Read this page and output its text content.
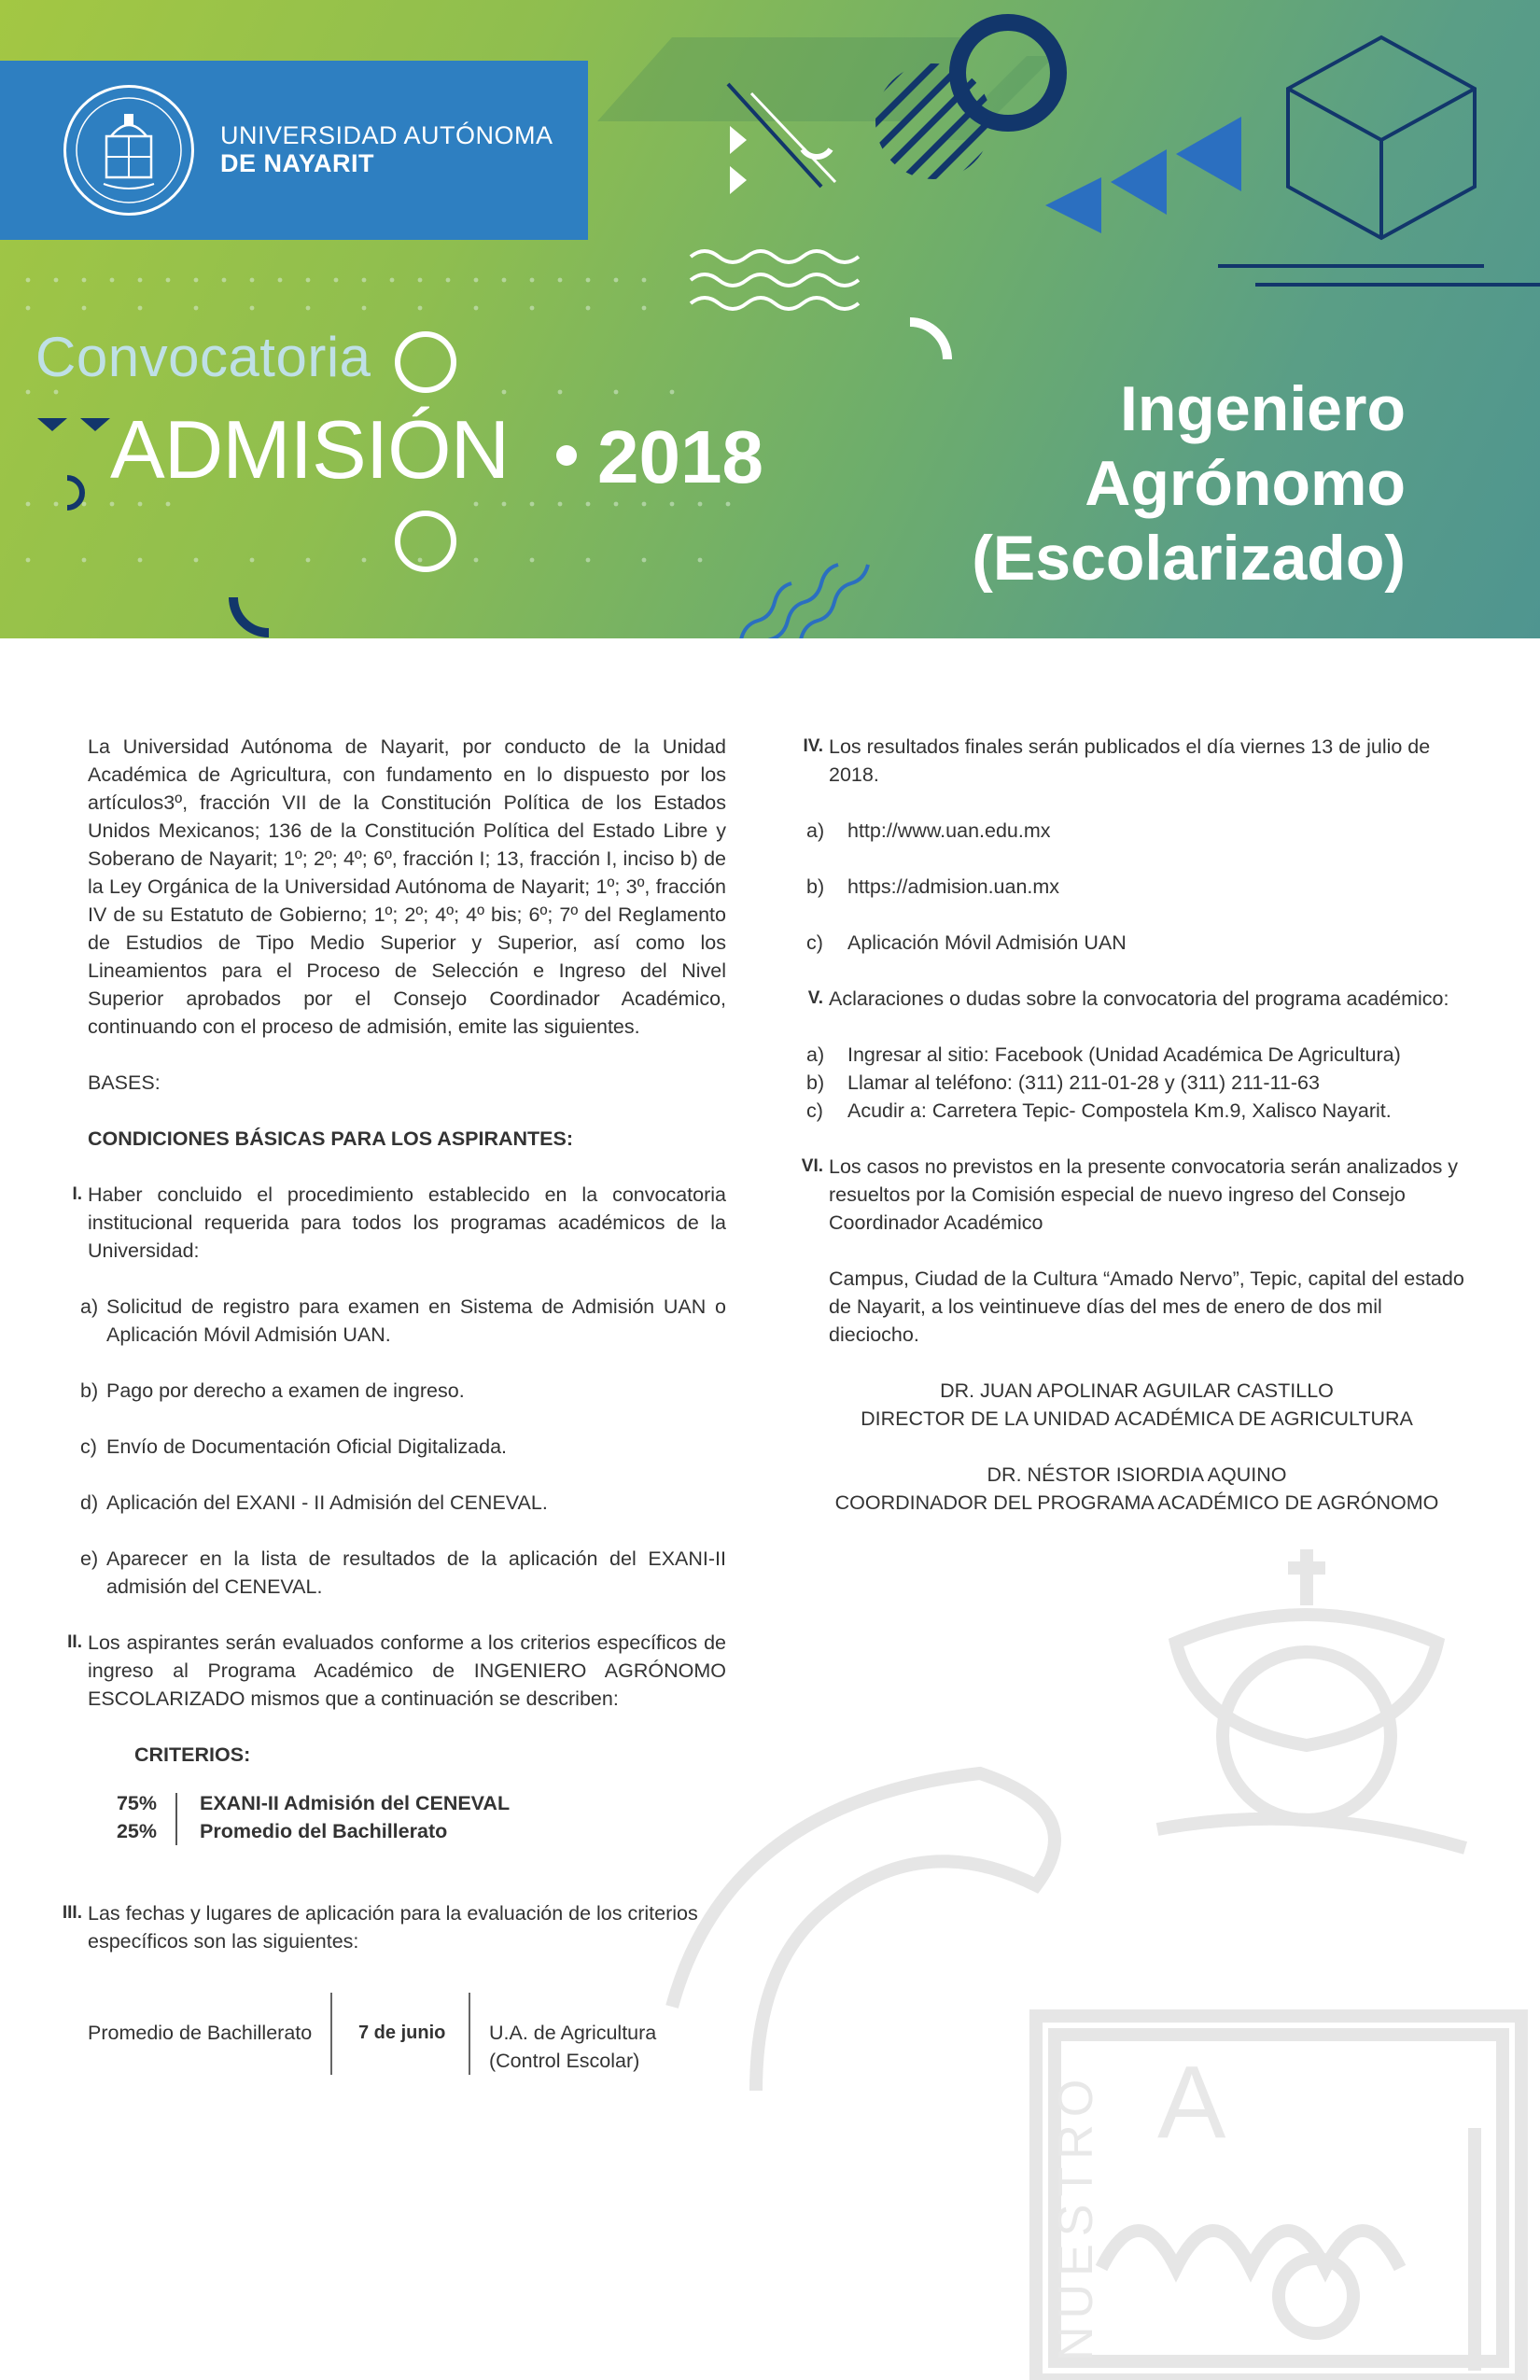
UNIVERSIDAD AUTÓNOMA
DE NAYARIT
Convocatoria
ADMISIÓN 2018
Ingeniero
Agrónomo
(Escolarizado)
A
NUESTRO

La Universidad Autónoma de Nayarit, por conducto de la Unidad Académica de Agricultura, con fundamento en lo dispuesto por los artículos3º, fracción VII de la Constitución Política de los Estados Unidos Mexicanos; 136 de la Constitución Política del Estado Libre y Soberano de Nayarit; 1º; 2º; 4º; 6º, fracción I; 13, fracción I, inciso b) de la Ley Orgánica de la Universidad Autónoma de Nayarit; 1º; 3º, fracción IV de su Estatuto de Gobierno; 1º; 2º; 4º; 4º bis; 6º; 7º del Reglamento de Estudios de Tipo Medio Superior y Superior, así como los Lineamientos para el Proceso de Selección e Ingreso del Nivel Superior aprobados por el Consejo Coordinador Académico, continuando con el proceso de admisión, emite las siguientes.

BASES:

CONDICIONES BÁSICAS PARA LOS ASPIRANTES:

I. Haber concluido el procedimiento establecido en la convocatoria institucional requerida para todos los programas académicos de la Universidad:

a) Solicitud de registro para examen en Sistema de Admisión UAN o Aplicación Móvil Admisión UAN.

b) Pago por derecho a examen de ingreso.

c) Envío de Documentación Oficial Digitalizada.

d) Aplicación del EXANI - II Admisión del CENEVAL.

e) Aparecer en la lista de resultados de la aplicación del EXANI-II admisión del CENEVAL.

II. Los aspirantes serán evaluados conforme a los criterios específicos de ingreso al Programa Académico de INGENIERO AGRÓNOMO ESCOLARIZADO mismos que a continuación se describen:

CRITERIOS:

75%
25%
EXANI-II Admisión del CENEVAL
Promedio del Bachillerato
III. Las fechas y lugares de aplicación para la evaluación de los criterios específicos son las siguientes:

Promedio de Bachillerato 7 de junio U.A. de Agricultura
(Control Escolar)
IV. Los resultados finales serán publicados el día viernes 13 de julio de 2018.

a) http://www.uan.edu.mx

b) https://admision.uan.mx

c) Aplicación Móvil Admisión UAN

V. Aclaraciones o dudas sobre la convocatoria del programa académico:

a) Ingresar al sitio: Facebook (Unidad Académica De Agricultura)

b) Llamar al teléfono: (311) 211-01-28 y (311) 211-11-63

c) Acudir a: Carretera Tepic- Compostela Km.9, Xalisco Nayarit.

VI. Los casos no previstos en la presente convocatoria serán analizados y resueltos por la Comisión especial de nuevo ingreso del Consejo Coordinador Académico

Campus, Ciudad de la Cultura “Amado Nervo”, Tepic, capital del estado de Nayarit, a los veintinueve días del mes de enero de dos mil dieciocho.

DR. JUAN APOLINAR AGUILAR CASTILLO

DIRECTOR DE LA UNIDAD ACADÉMICA DE AGRICULTURA

DR. NÉSTOR ISIORDIA AQUINO

COORDINADOR DEL PROGRAMA ACADÉMICO DE AGRÓNOMO
